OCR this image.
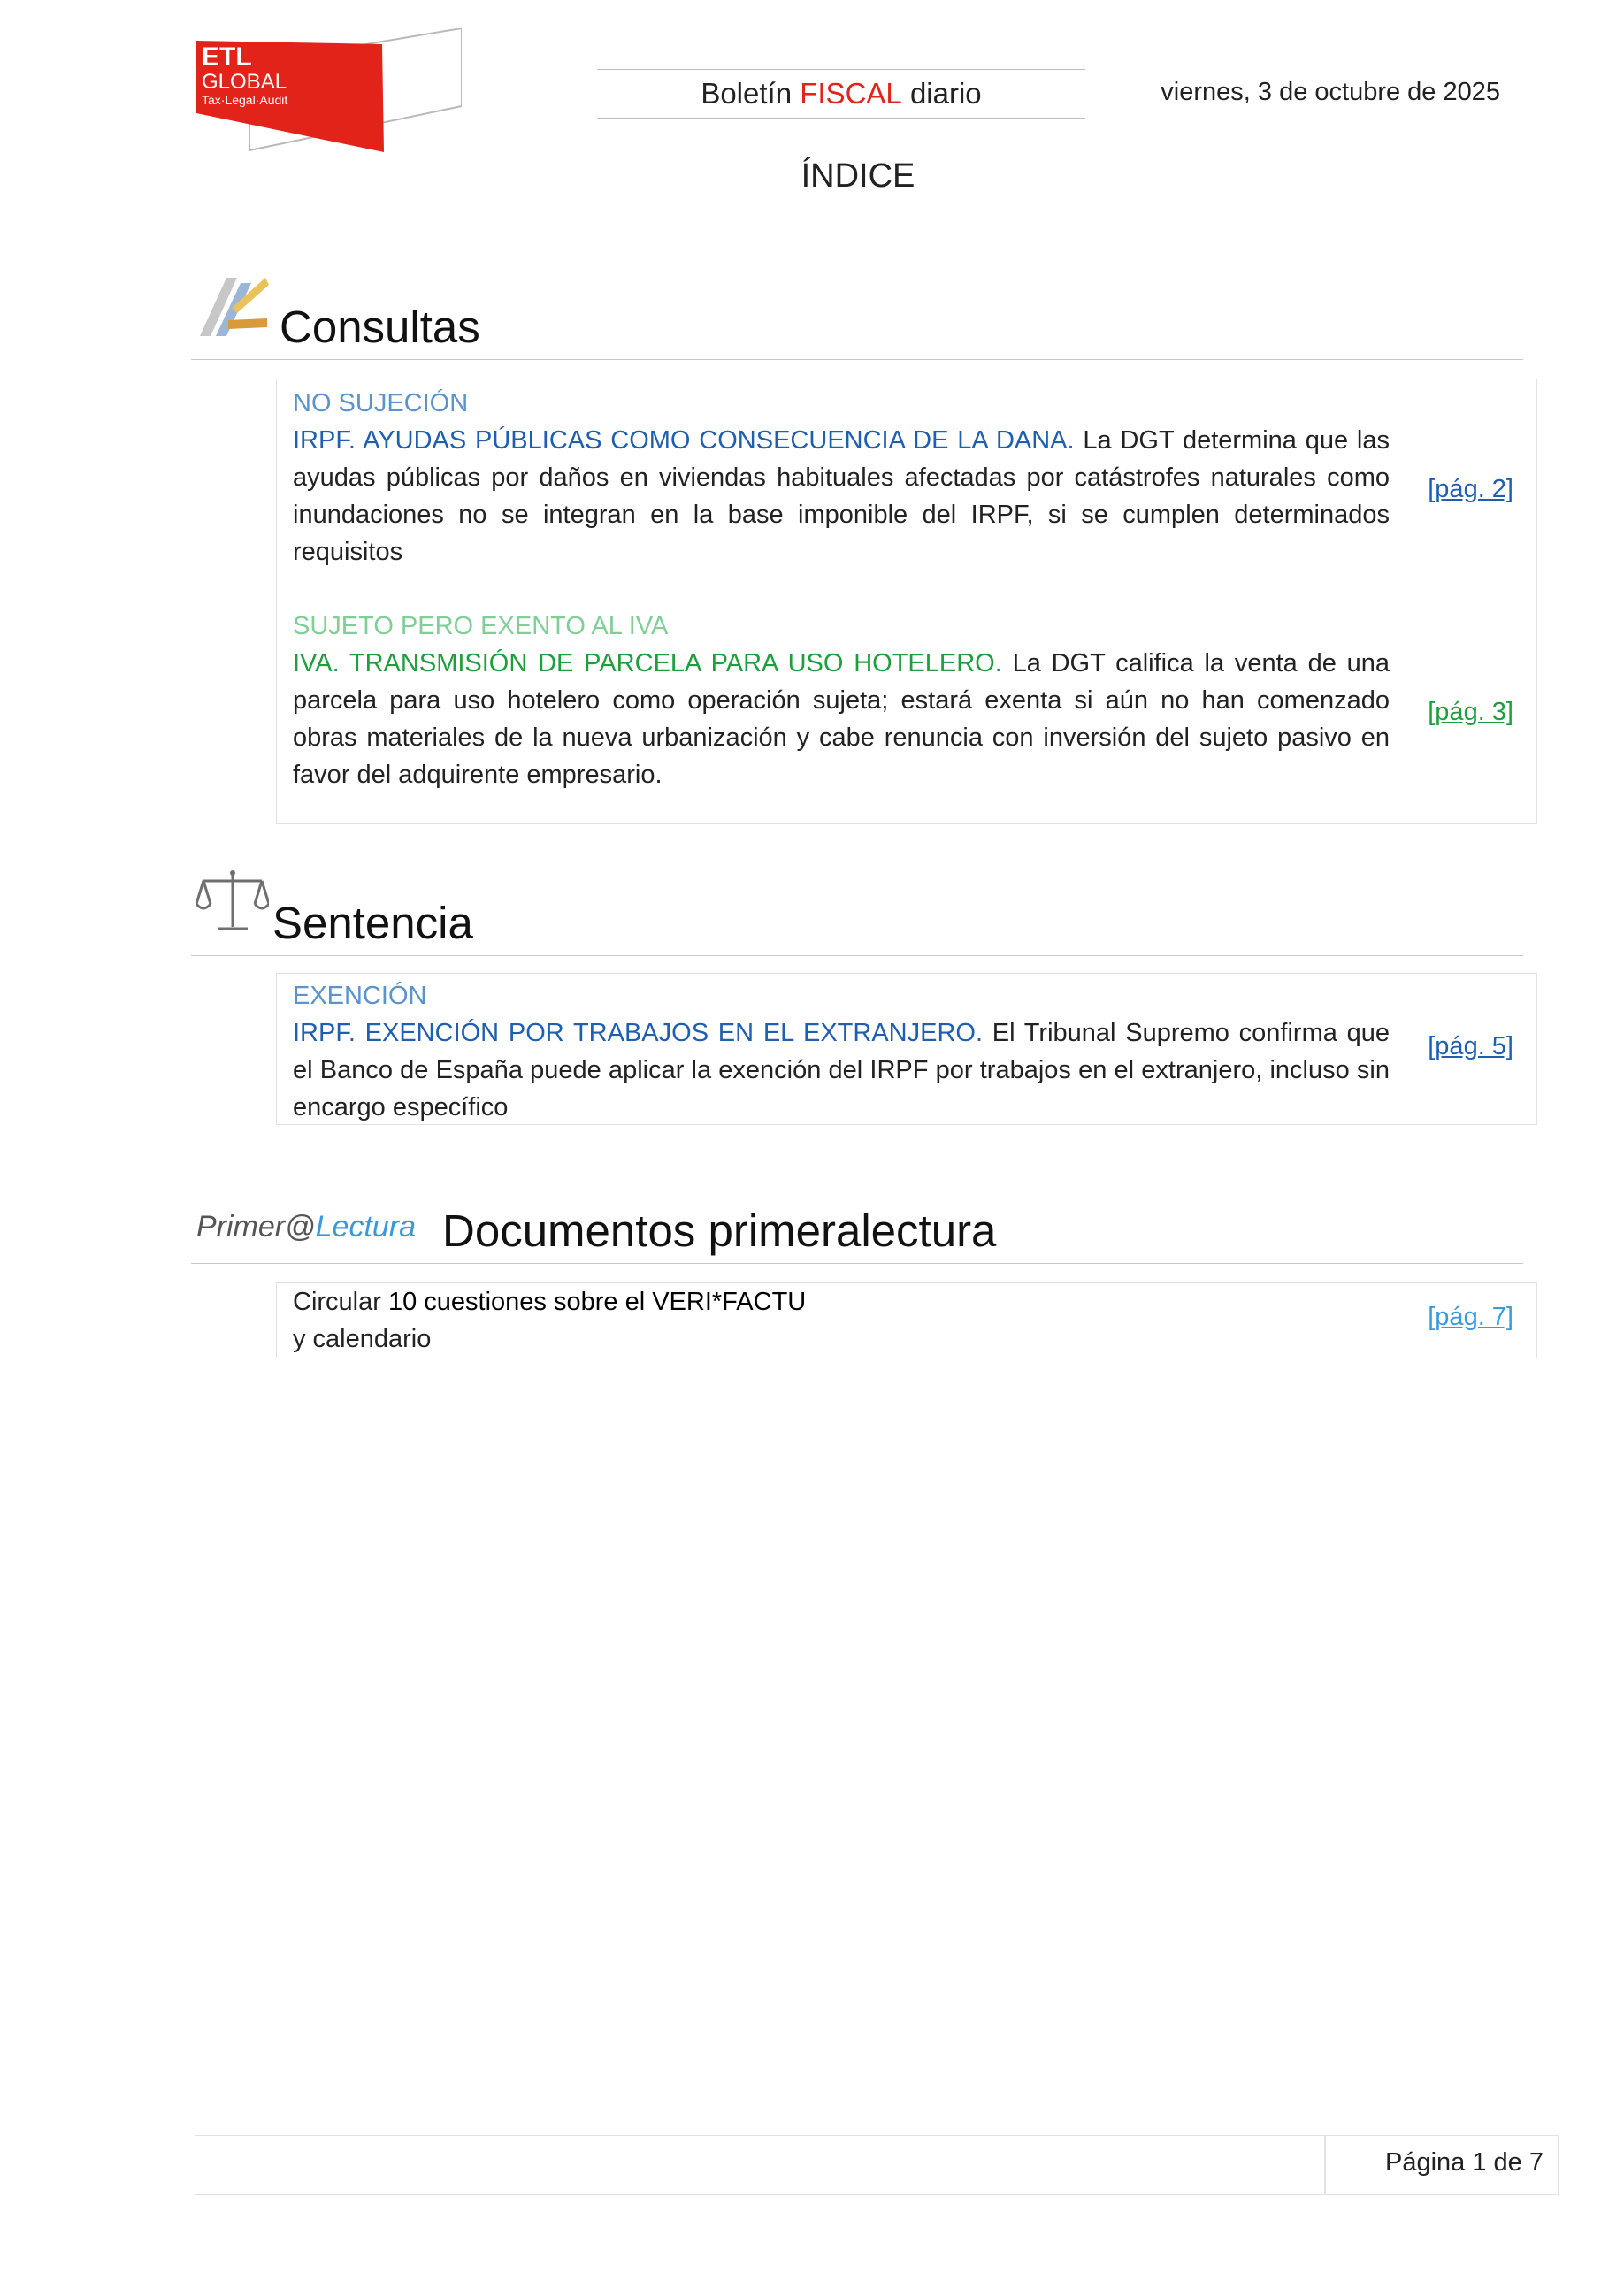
ETL
GLOBAL
Tax·Legal·Audit	Boletín FISCAL diario	viernes, 3 de octubre de 2025
ÍNDICE
Consultas
NO SUJECIÓN
IRPF. AYUDAS PÚBLICAS COMO CONSECUENCIA DE LA DANA. La DGT determina que las ayudas públicas por daños en viviendas habituales afectadas por catástrofes naturales como inundaciones no se integran en la base imponible del IRPF, si se cumplen determinados requisitos
[pág. 2]
SUJETO PERO EXENTO AL IVA
IVA. TRANSMISIÓN DE PARCELA PARA USO HOTELERO. La DGT califica la venta de una parcela para uso hotelero como operación sujeta; estará exenta si aún no han comenzado obras materiales de la nueva urbanización y cabe renuncia con inversión del sujeto pasivo en favor del adquirente empresario.
[pág. 3]
Sentencia
EXENCIÓN
IRPF. EXENCIÓN POR TRABAJOS EN EL EXTRANJERO. El Tribunal Supremo confirma que el Banco de España puede aplicar la exención del IRPF por trabajos en el extranjero, incluso sin encargo específico
[pág. 5]
Primer@Lectura Documentos primeralectura
Circular 10 cuestiones sobre el VERI*FACTU
y calendario
[pág. 7]
Página 1 de 7
